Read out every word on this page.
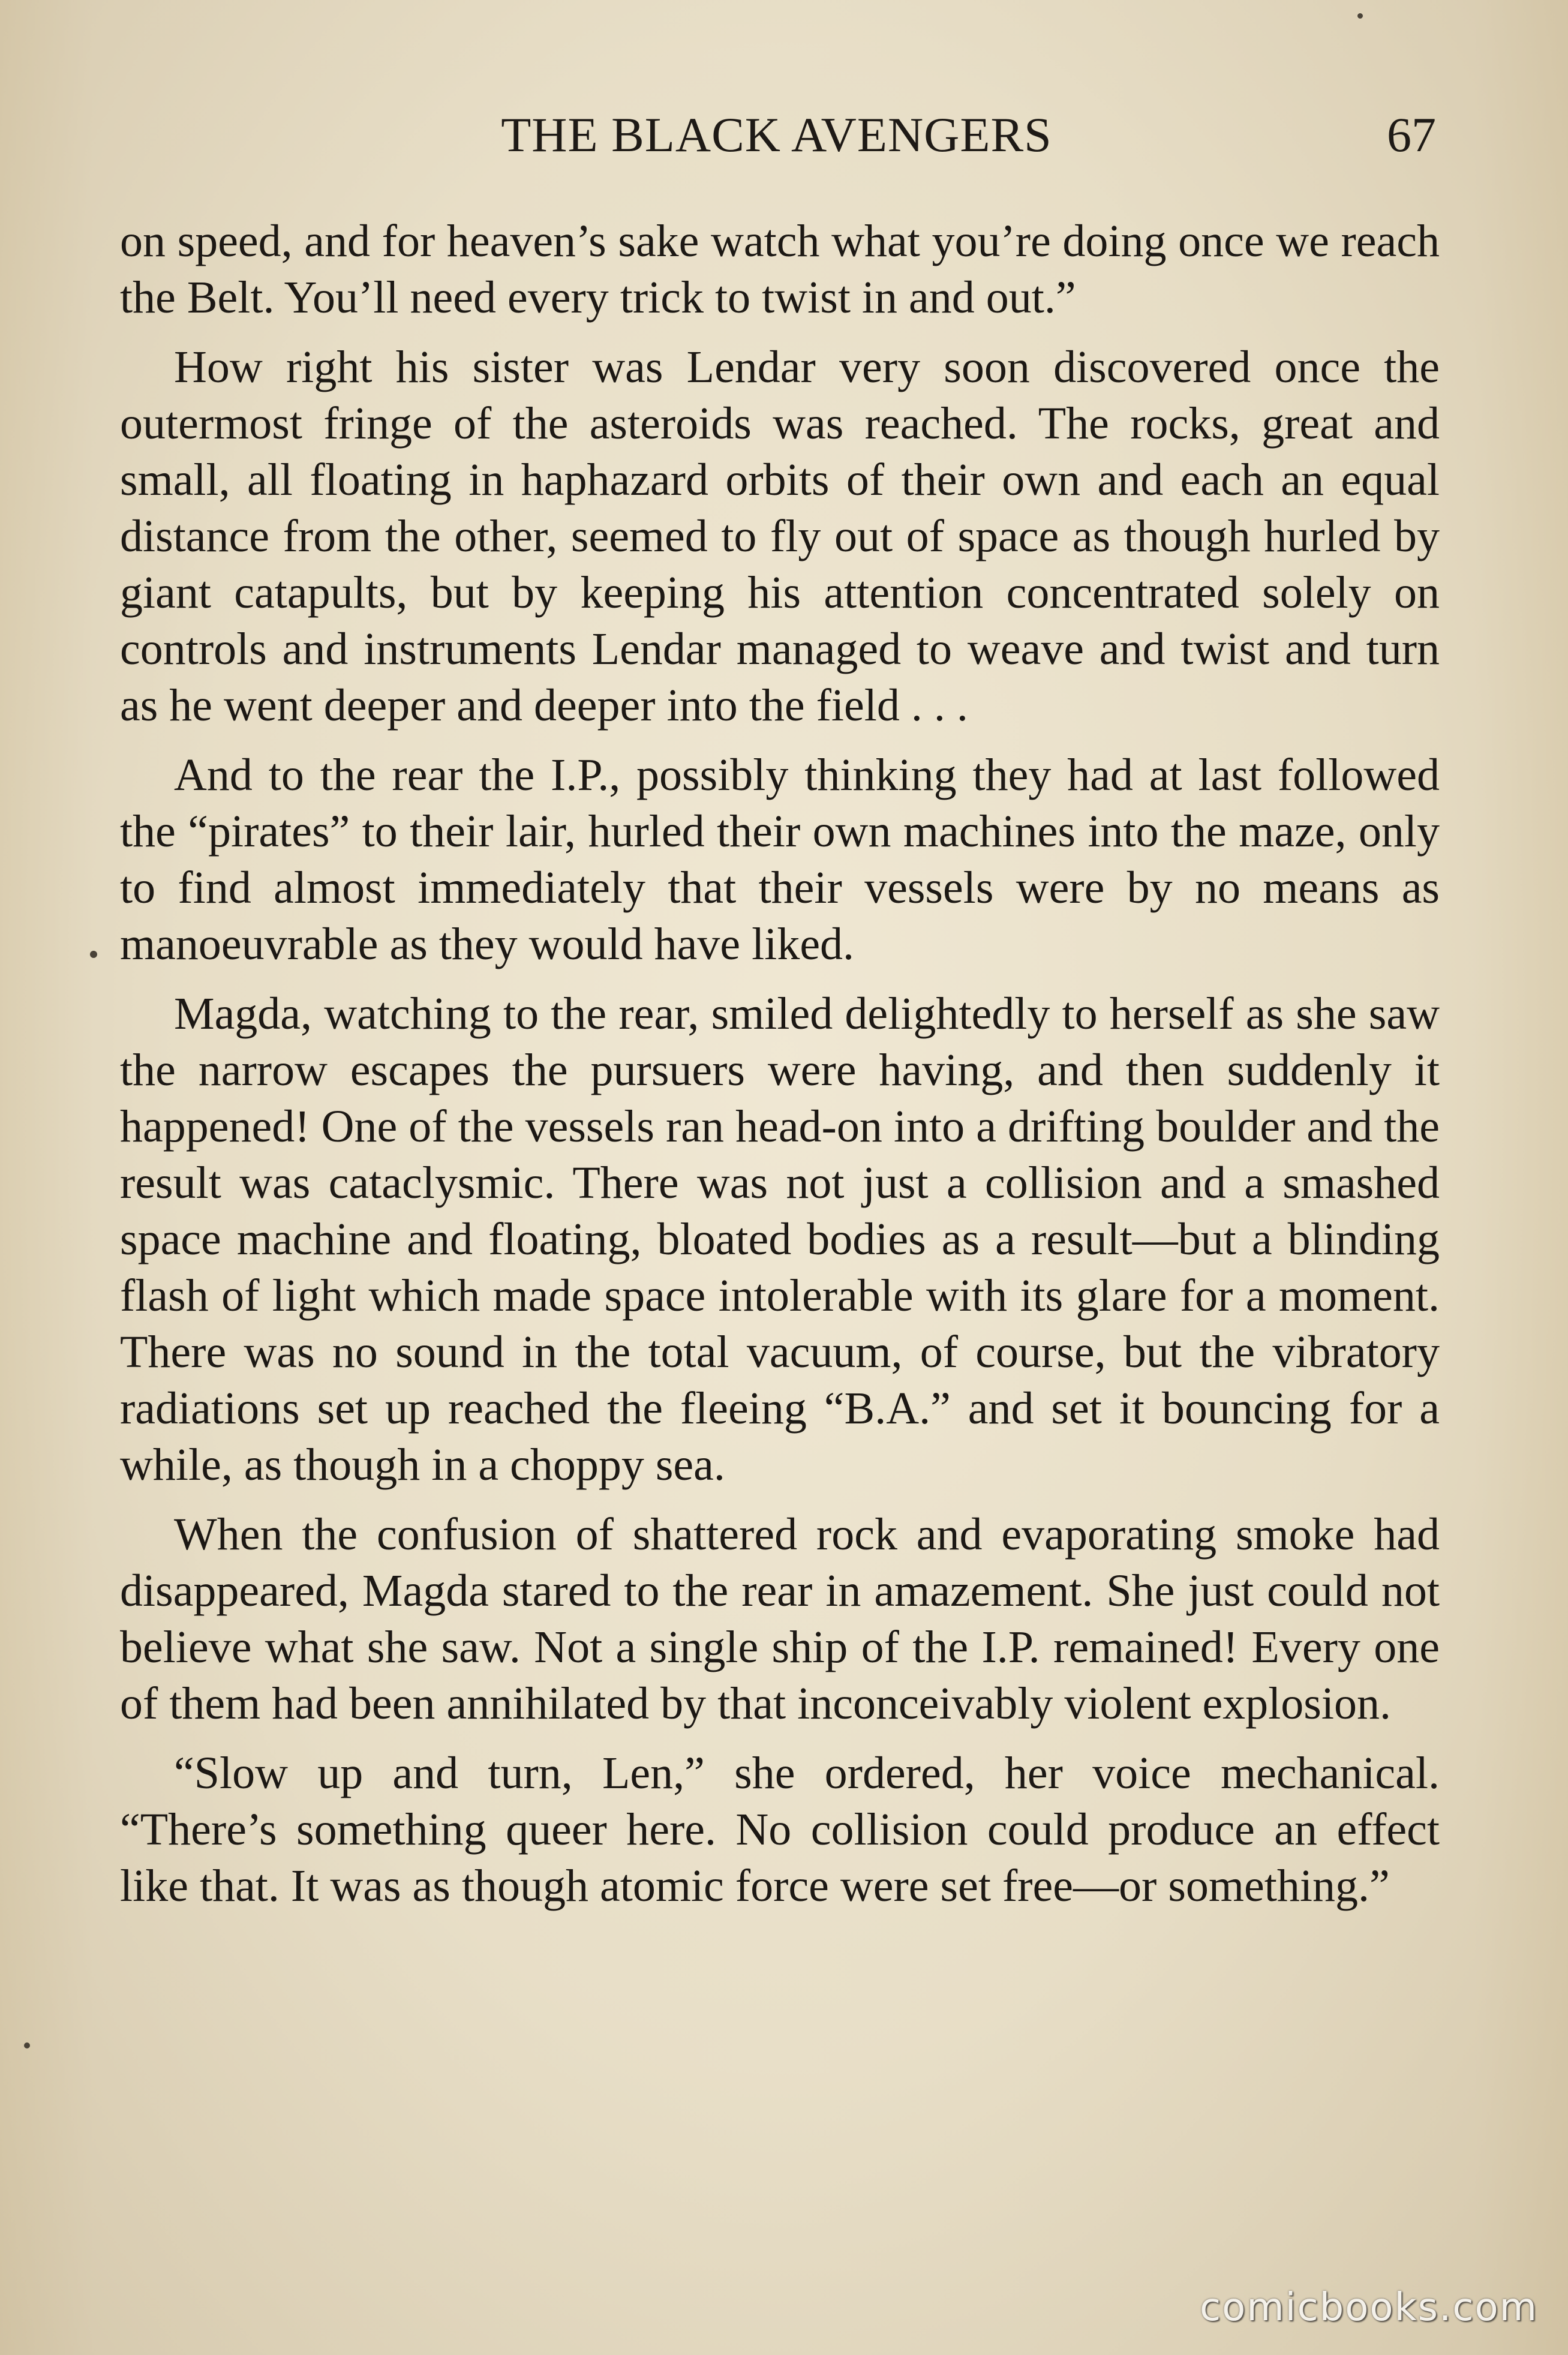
THE BLACK AVENGERS	67

on speed, and for heaven’s sake watch what you’re doing once we reach the Belt. You’ll need every trick to twist in and out.”

How right his sister was Lendar very soon discovered once the outermost fringe of the asteroids was reached. The rocks, great and small, all floating in haphazard orbits of their own and each an equal distance from the other, seemed to fly out of space as though hurled by giant catapults, but by keeping his attention concentrated solely on controls and instruments Lendar managed to weave and twist and turn as he went deeper and deeper into the field . . .

And to the rear the I.P., possibly thinking they had at last followed the “pirates” to their lair, hurled their own machines into the maze, only to find almost immediately that their vessels were by no means as manoeuvrable as they would have liked.

Magda, watching to the rear, smiled delightedly to herself as she saw the narrow escapes the pursuers were having, and then suddenly it happened! One of the vessels ran head-on into a drifting boulder and the result was cataclysmic. There was not just a collision and a smashed space machine and floating, bloated bodies as a result—but a blinding flash of light which made space intolerable with its glare for a moment. There was no sound in the total vacuum, of course, but the vibratory radiations set up reached the fleeing “B.A.” and set it bouncing for a while, as though in a choppy sea.

When the confusion of shattered rock and evaporating smoke had disappeared, Magda stared to the rear in amazement. She just could not believe what she saw. Not a single ship of the I.P. remained! Every one of them had been annihilated by that inconceivably violent explosion.

“Slow up and turn, Len,” she ordered, her voice mechanical. “There’s something queer here. No collision could produce an effect like that. It was as though atomic force were set free—or something.”

comicbooks.com
